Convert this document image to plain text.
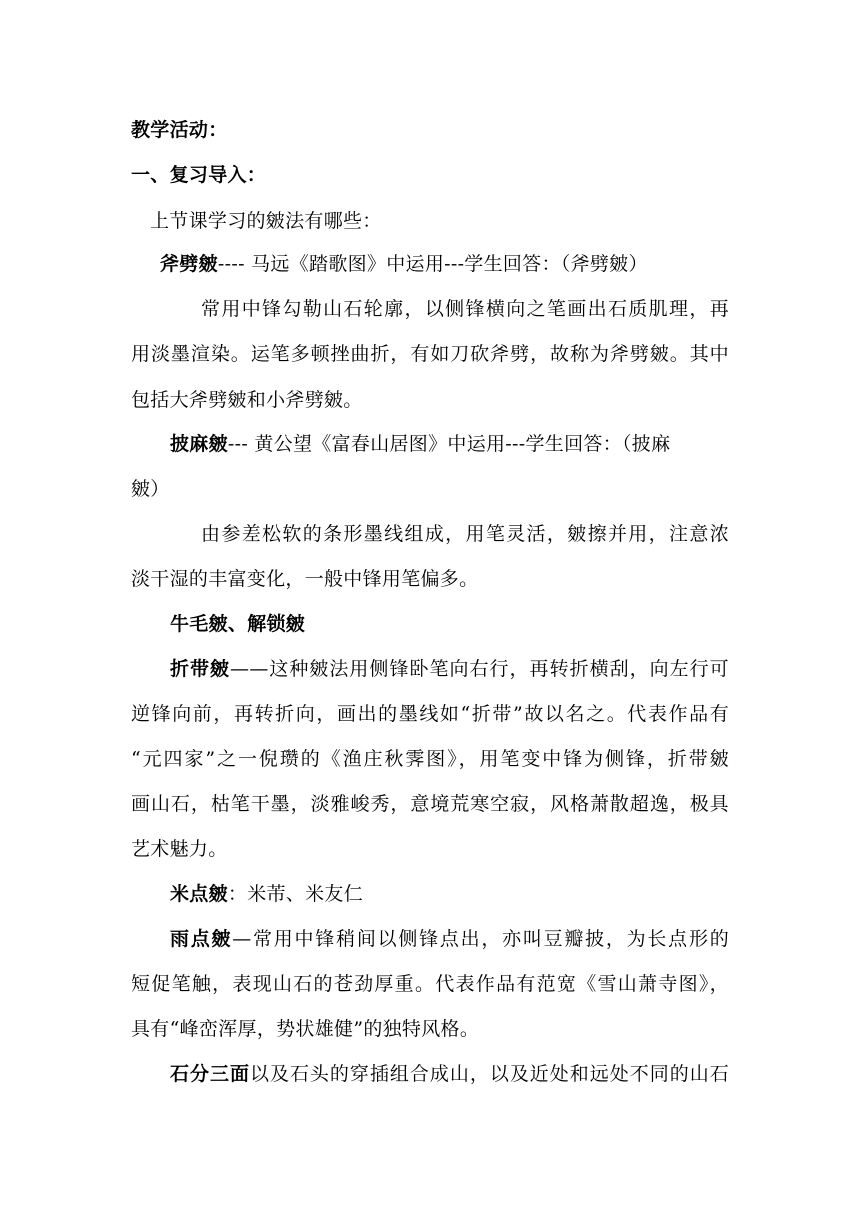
教学活动：
一、复习导入：
上节课学习的皴法有哪些：
斧劈皴---- 马远《踏歌图》中运用---学生回答：（斧劈皴）
常用中锋勾勒山石轮廓，以侧锋横向之笔画出石质肌理，再
用淡墨渲染。运笔多顿挫曲折，有如刀砍斧劈，故称为斧劈皴。其中
包括大斧劈皴和小斧劈皴。
披麻皴--- 黄公望《富春山居图》中运用---学生回答：（披麻
皴）
由参差松软的条形墨线组成，用笔灵活，皴擦并用，注意浓
淡干湿的丰富变化，一般中锋用笔偏多。
牛毛皴、解锁皴
折带皴——这种皴法用侧锋卧笔向右行，再转折横刮，向左行可
逆锋向前，再转折向，画出的墨线如“折带”故以名之。代表作品有
“元四家”之一倪瓒的《渔庄秋霁图》，用笔变中锋为侧锋，折带皴
画山石，枯笔干墨，淡雅峻秀，意境荒寒空寂，风格萧散超逸，极具
艺术魅力。
米点皴：米芾、米友仁
雨点皴—常用中锋稍间以侧锋点出，亦叫豆瓣披，为长点形的
短促笔触，表现山石的苍劲厚重。代表作品有范宽《雪山萧寺图》，
具有“峰峦浑厚，势状雄健”的独特风格。
石分三面以及石头的穿插组合成山，以及近处和远处不同的山石
